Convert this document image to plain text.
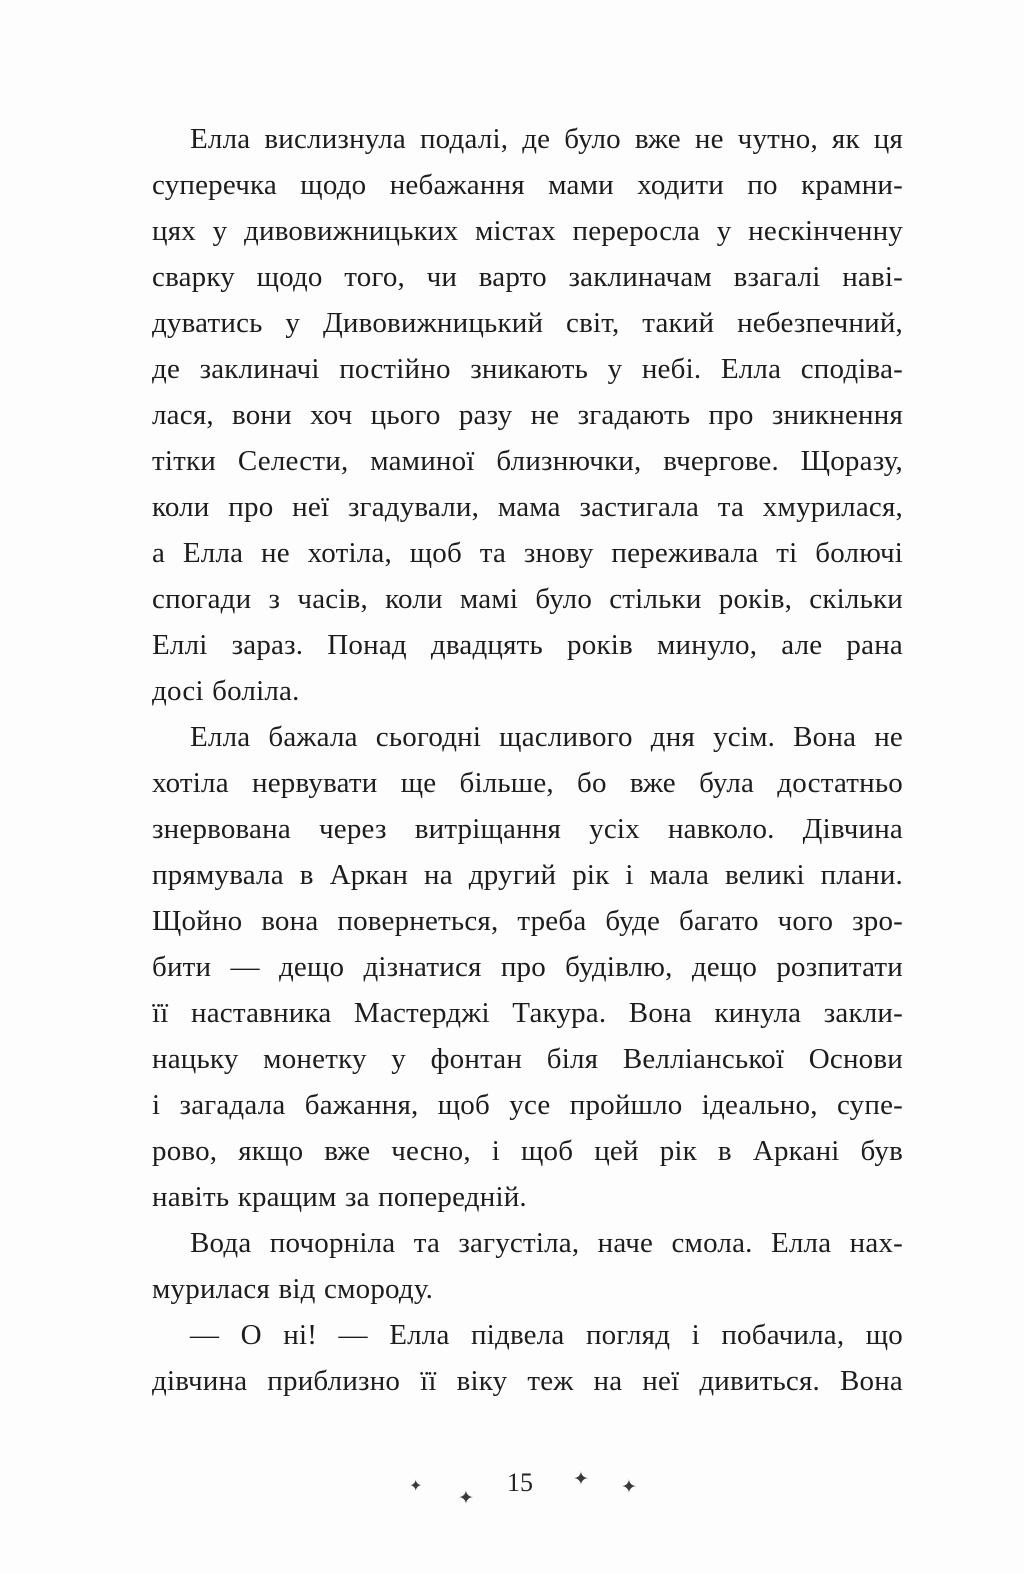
Елла вислизнула подалі, де було вже не чутно, як ця
суперечка щодо небажання мами ходити по крамни-
цях у дивовижницьких містах переросла у нескінченну
сварку щодо того, чи варто заклиначам взагалі наві-
дуватись у Дивовижницький світ, такий небезпечний,
де заклиначі постійно зникають у небі. Елла сподіва-
лася, вони хоч цього разу не згадають про зникнення
тітки Селести, маминої близнючки, вчергове. Щоразу,
коли про неї згадували, мама застигала та хмурилася,
а Елла не хотіла, щоб та знову переживала ті болючі
спогади з часів, коли мамі було стільки років, скільки
Еллі зараз. Понад двадцять років минуло, але рана
досі боліла.
Елла бажала сьогодні щасливого дня усім. Вона не
хотіла нервувати ще більше, бо вже була достатньо
знервована через витріщання усіх навколо. Дівчина
прямувала в Аркан на другий рік і мала великі плани.
Щойно вона повернеться, треба буде багато чого зро-
бити — дещо дізнатися про будівлю, дещо розпитати
її наставника Мастерджі Такура. Вона кинула закли-
нацьку монетку у фонтан біля Велліанської Основи
і загадала бажання, щоб усе пройшло ідеально, супе-
рово, якщо вже чесно, і щоб цей рік в Аркані був
навіть кращим за попередній.
Вода почорніла та загустіла, наче смола. Елла нах-
мурилася від смороду.
— О ні! — Елла підвела погляд і побачила, що
дівчина приблизно її віку теж на неї дивиться. Вона
✦
✦
15	✦ ✦
